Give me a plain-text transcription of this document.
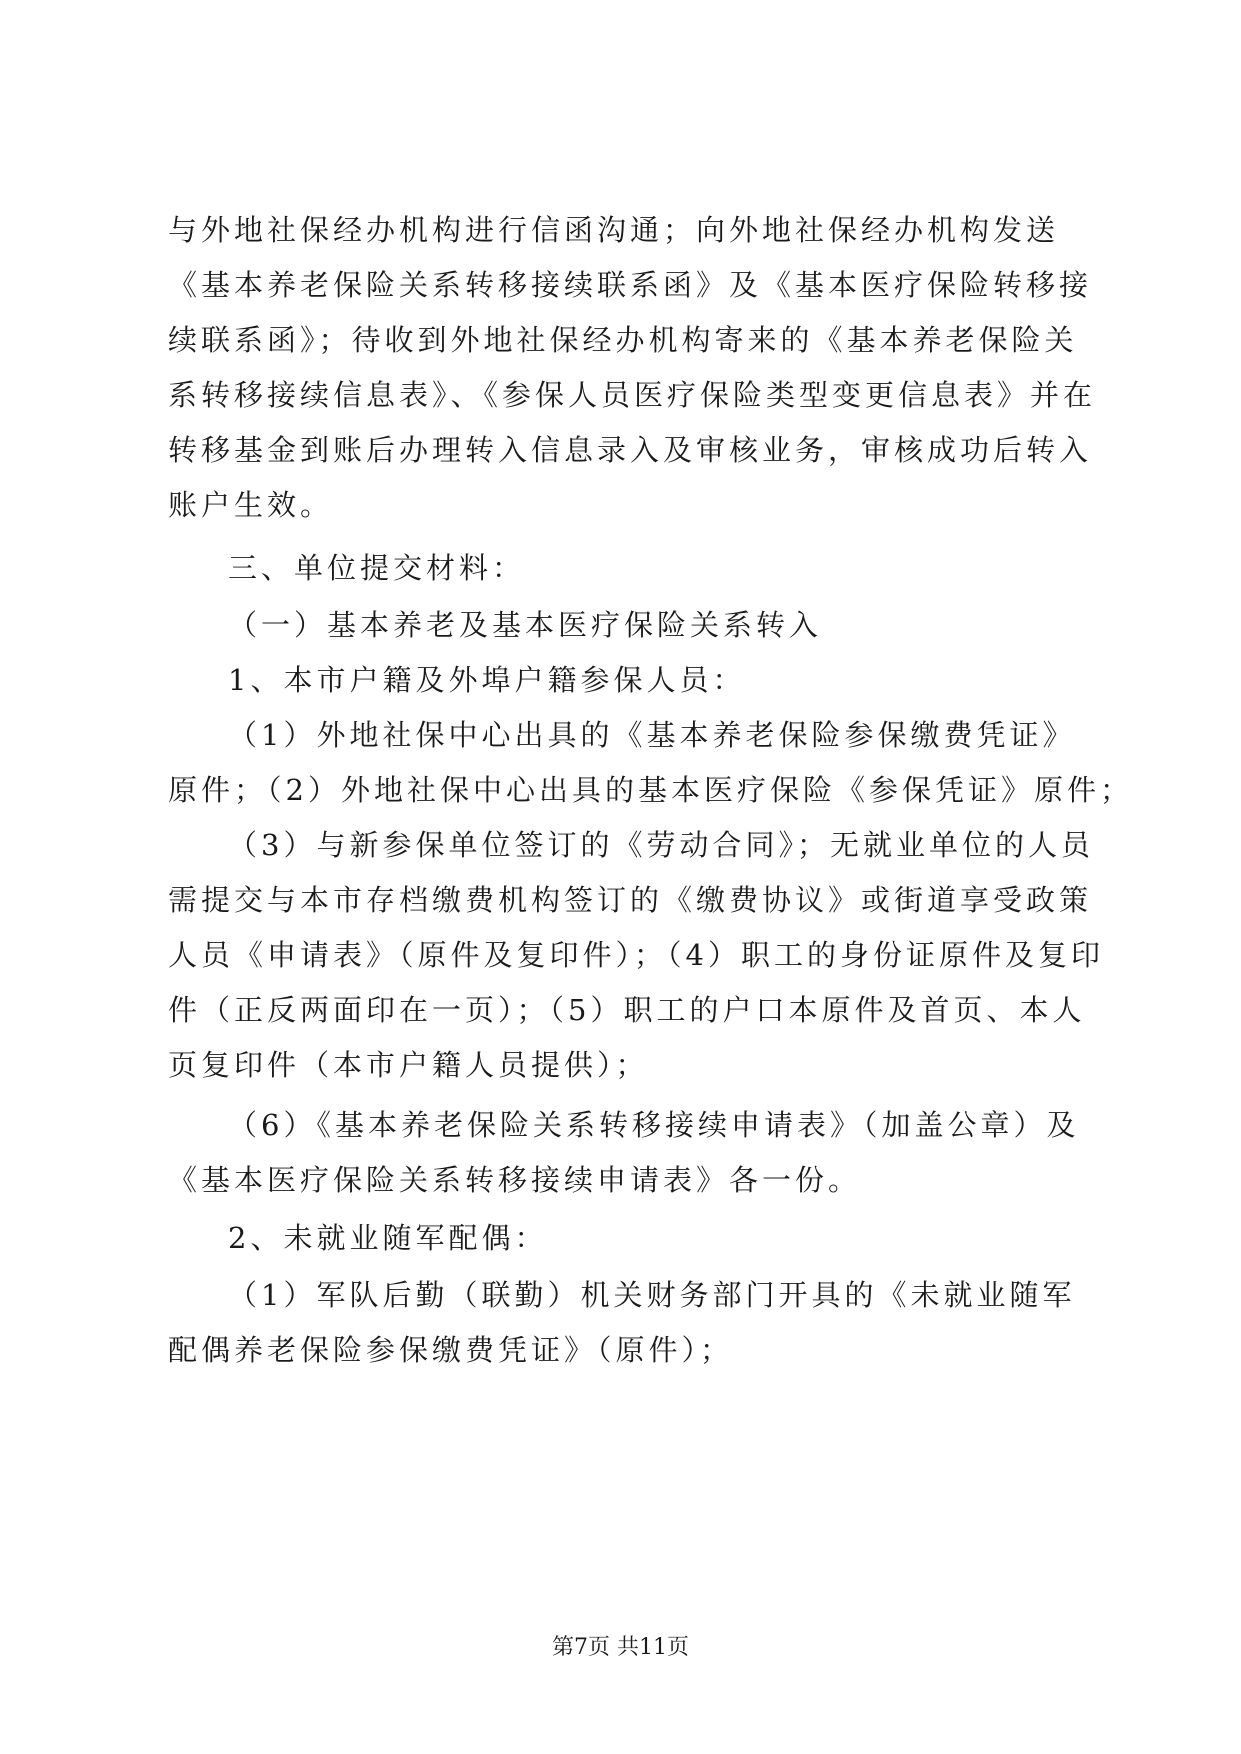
与外地社保经办机构进行信函沟通；向外地社保经办机构发送
《基本养老保险关系转移接续联系函》及《基本医疗保险转移接
续联系函》；待收到外地社保经办机构寄来的《基本养老保险关
系转移接续信息表》、《参保人员医疗保险类型变更信息表》并在
转移基金到账后办理转入信息录入及审核业务，审核成功后转入
账户生效。
三、单位提交材料：
（一）基本养老及基本医疗保险关系转入
1、本市户籍及外埠户籍参保人员：
（1）外地社保中心出具的《基本养老保险参保缴费凭证》
原件；（2）外地社保中心出具的基本医疗保险《参保凭证》原件；
（3）与新参保单位签订的《劳动合同》；无就业单位的人员
需提交与本市存档缴费机构签订的《缴费协议》或街道享受政策
人员《申请表》（原件及复印件）；（4）职工的身份证原件及复印
件（正反两面印在一页）；（5）职工的户口本原件及首页、本人
页复印件（本市户籍人员提供）；
（6）《基本养老保险关系转移接续申请表》（加盖公章）及
《基本医疗保险关系转移接续申请表》各一份。
2、未就业随军配偶：
（1）军队后勤（联勤）机关财务部门开具的《未就业随军
配偶养老保险参保缴费凭证》（原件）；
第7页 共11页
